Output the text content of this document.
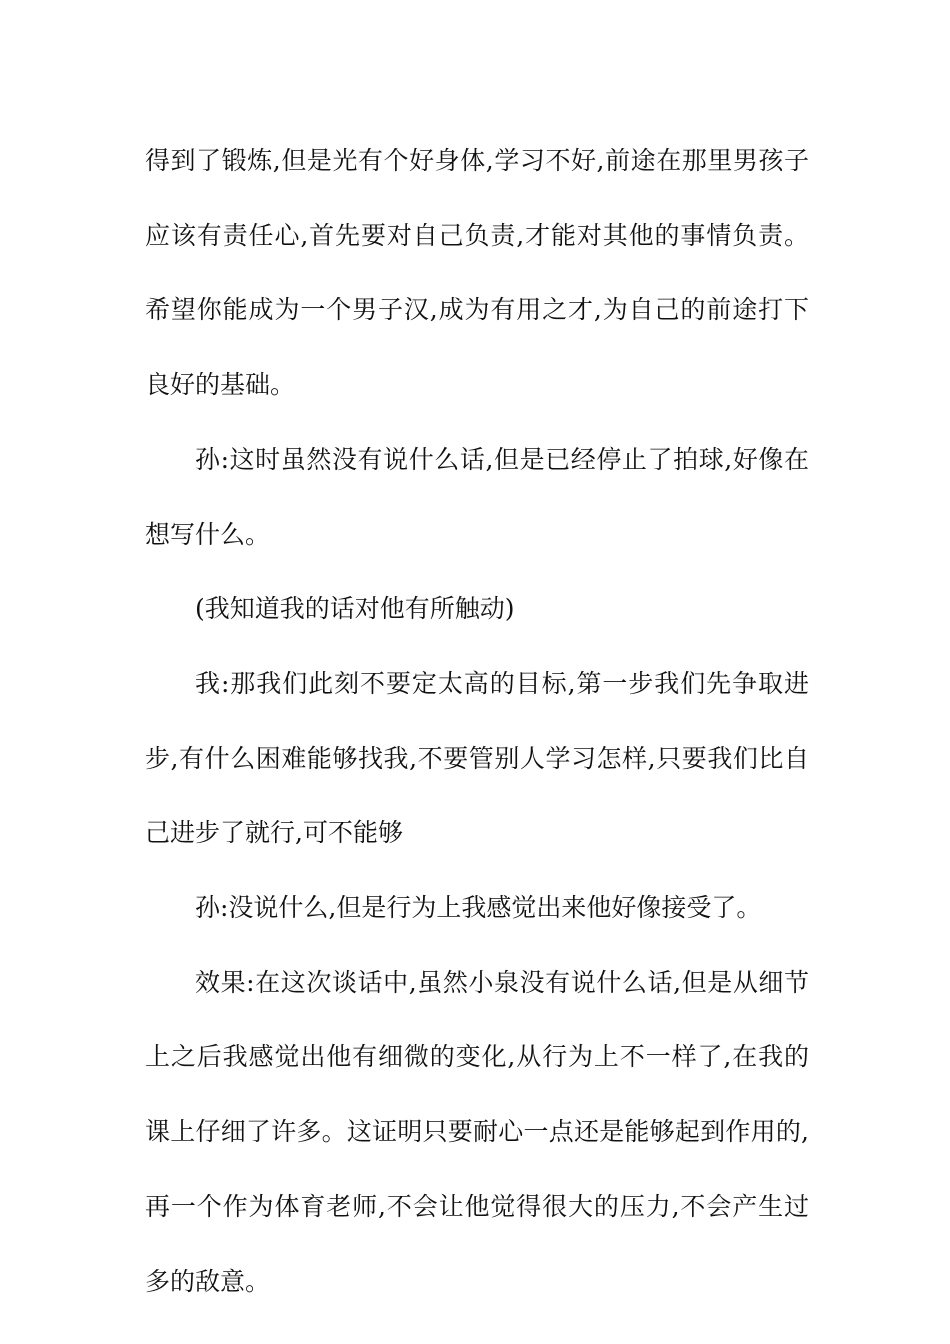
得到了锻炼,但是光有个好身体,学习不好,前途在那里男孩子应该有责任心,首先要对自己负责,才能对其他的事情负责。希望你能成为一个男子汉,成为有用之才,为自己的前途打下良好的基础。

孙:这时虽然没有说什么话,但是已经停止了拍球,好像在想写什么。

(我知道我的话对他有所触动)

我:那我们此刻不要定太高的目标,第一步我们先争取进步,有什么困难能够找我,不要管别人学习怎样,只要我们比自己进步了就行,可不能够

孙:没说什么,但是行为上我感觉出来他好像接受了。

效果:在这次谈话中,虽然小泉没有说什么话,但是从细节上之后我感觉出他有细微的变化,从行为上不一样了,在我的课上仔细了许多。这证明只要耐心一点还是能够起到作用的,再一个作为体育老师,不会让他觉得很大的压力,不会产生过多的敌意。
